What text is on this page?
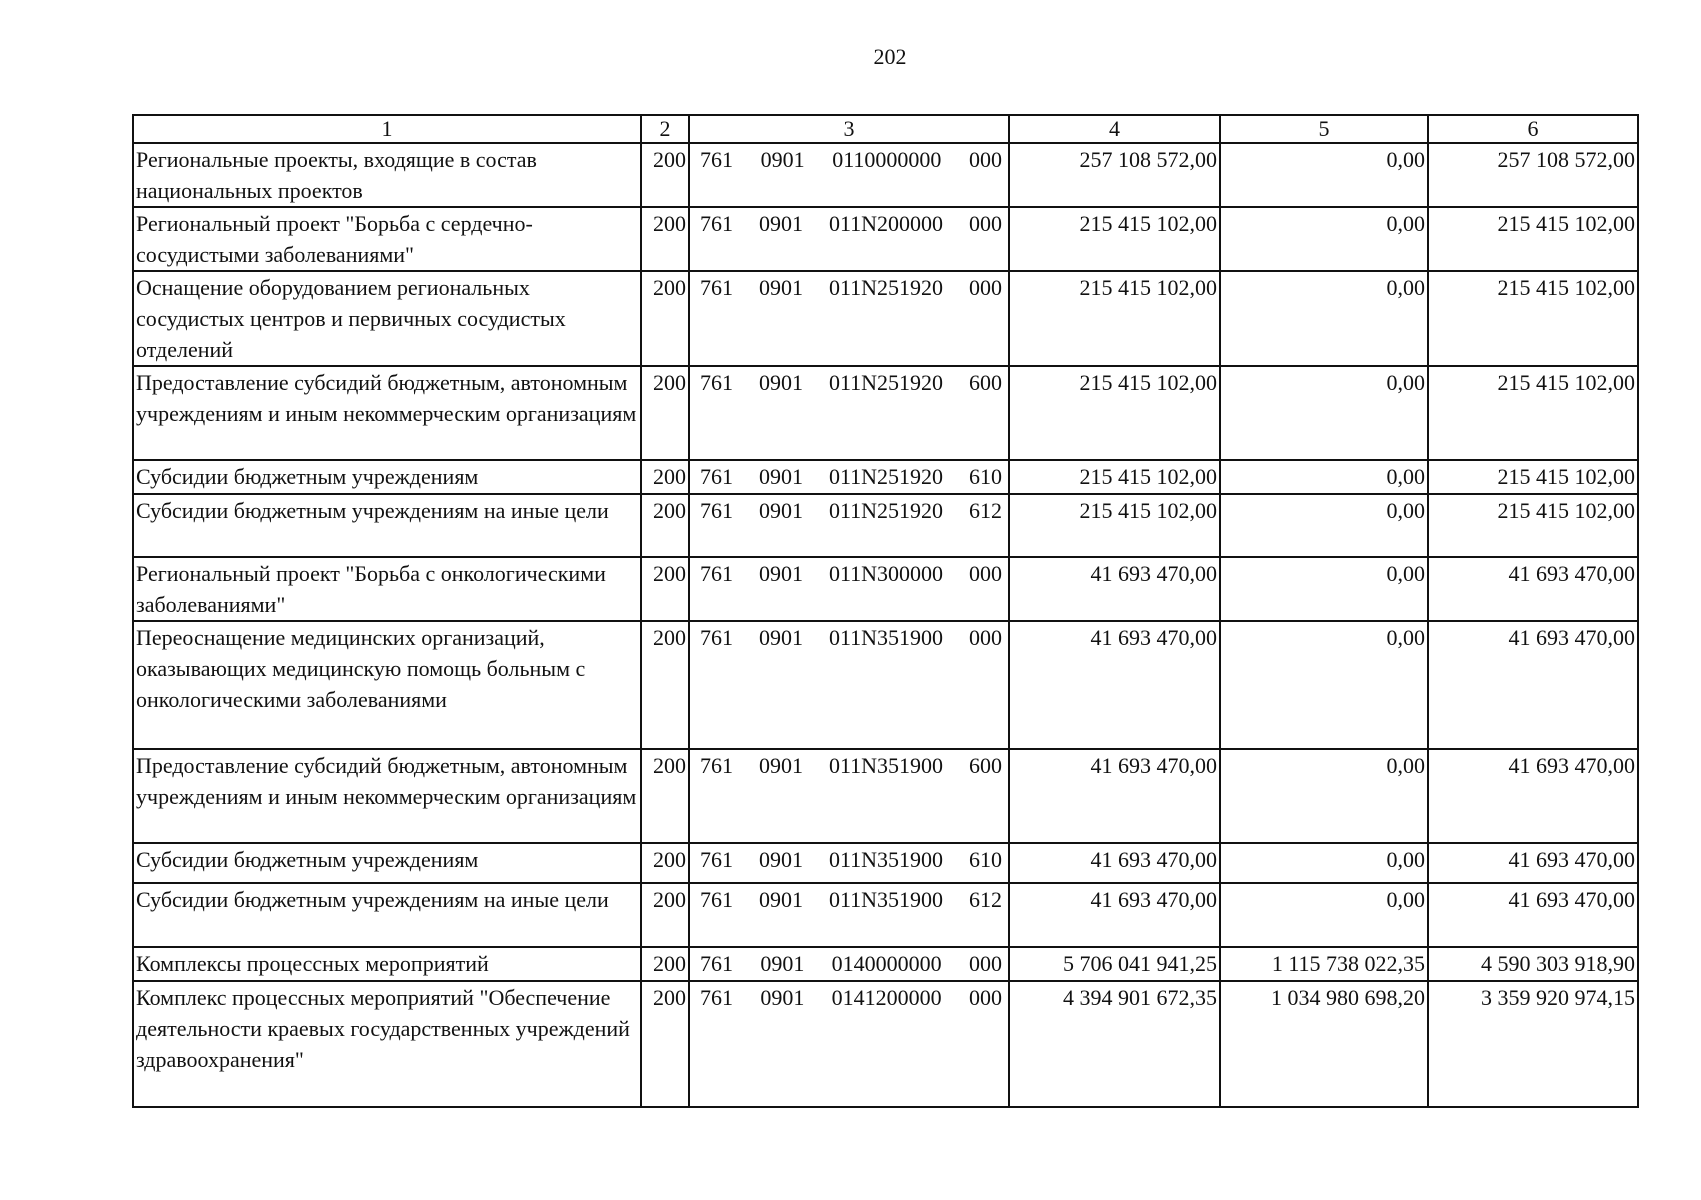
202
1	2	3	4	5	6
Региональные проекты, входящие в состав национальных проектов	200	761 0901 0110000000 000	257 108 572,00	0,00	257 108 572,00
Региональный проект "Борьба с сердечно-сосудистыми заболеваниями"	200	761 0901 011N200000 000	215 415 102,00	0,00	215 415 102,00
Оснащение оборудованием региональных сосудистых центров и первичных сосудистых отделений	200	761 0901 011N251920 000	215 415 102,00	0,00	215 415 102,00
Предоставление субсидий бюджетным, автономным учреждениям и иным некоммерческим организациям	200	761 0901 011N251920 600	215 415 102,00	0,00	215 415 102,00
Субсидии бюджетным учреждениям	200	761 0901 011N251920 610	215 415 102,00	0,00	215 415 102,00
Субсидии бюджетным учреждениям на иные цели	200	761 0901 011N251920 612	215 415 102,00	0,00	215 415 102,00
Региональный проект "Борьба с онкологическими заболеваниями"	200	761 0901 011N300000 000	41 693 470,00	0,00	41 693 470,00
Переоснащение медицинских организаций, оказывающих медицинскую помощь больным с онкологическими заболеваниями	200	761 0901 011N351900 000	41 693 470,00	0,00	41 693 470,00
Предоставление субсидий бюджетным, автономным учреждениям и иным некоммерческим организациям	200	761 0901 011N351900 600	41 693 470,00	0,00	41 693 470,00
Субсидии бюджетным учреждениям	200	761 0901 011N351900 610	41 693 470,00	0,00	41 693 470,00
Субсидии бюджетным учреждениям на иные цели	200	761 0901 011N351900 612	41 693 470,00	0,00	41 693 470,00
Комплексы процессных мероприятий	200	761 0901 0140000000 000	5 706 041 941,25	1 115 738 022,35	4 590 303 918,90
Комплекс процессных мероприятий "Обеспечение деятельности краевых государственных учреждений здравоохранения"	200	761 0901 0141200000 000	4 394 901 672,35	1 034 980 698,20	3 359 920 974,15
